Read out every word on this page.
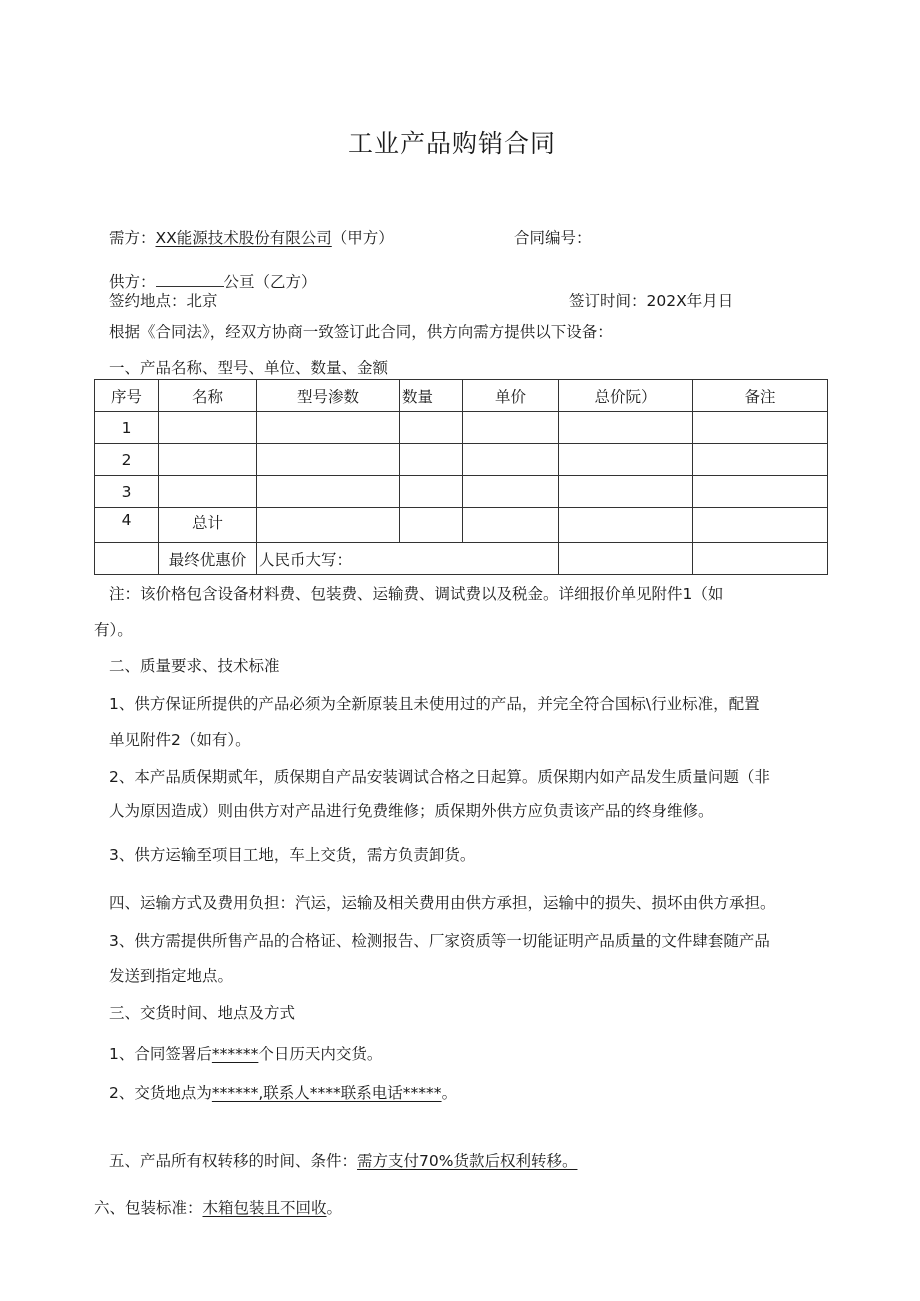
工业产品购销合同
需方：XX能源技术股份有限公司（甲方）	合同编号：
供方：	公亘（乙方）
签约地点：北京	签订时间：202X年月日
根据《合同法》，经双方协商一致签订此合同，供方向需方提供以下设备：
一、产品名称、型号、单位、数量、金额
序号	名称	型号渗数	数量	单价	总价阮）	备注
1						
2						
3						
4	总计					
	最终优惠价	人民币大写：				
注：该价格包含设备材料费、包装费、运输费、调试费以及税金。详细报价单见附件1（如
有）。
二、质量要求、技术标准
1、供方保证所提供的产品必须为全新原装且未使用过的产品，并完全符合国标\行业标准，配置
单见附件2（如有）。
2、本产品质保期贰年，质保期自产品安装调试合格之日起算。质保期内如产品发生质量问题（非
人为原因造成）则由供方对产品进行免费维修；质保期外供方应负责该产品的终身维修。
3、供方运输至项目工地，车上交货，需方负责卸货。
四、运输方式及费用负担：汽运，运输及相关费用由供方承担，运输中的损失、损坏由供方承担。
3、供方需提供所售产品的合格证、检测报告、厂家资质等一切能证明产品质量的文件肆套随产品
发送到指定地点。
三、交货时间、地点及方式
1、合同签署后******个日历天内交货。
2、交货地点为******,联系人****联系电话*****。
五、产品所有权转移的时间、条件：需方支付70%货款后权利转移。
六、包装标准：木箱包装且不回收。
